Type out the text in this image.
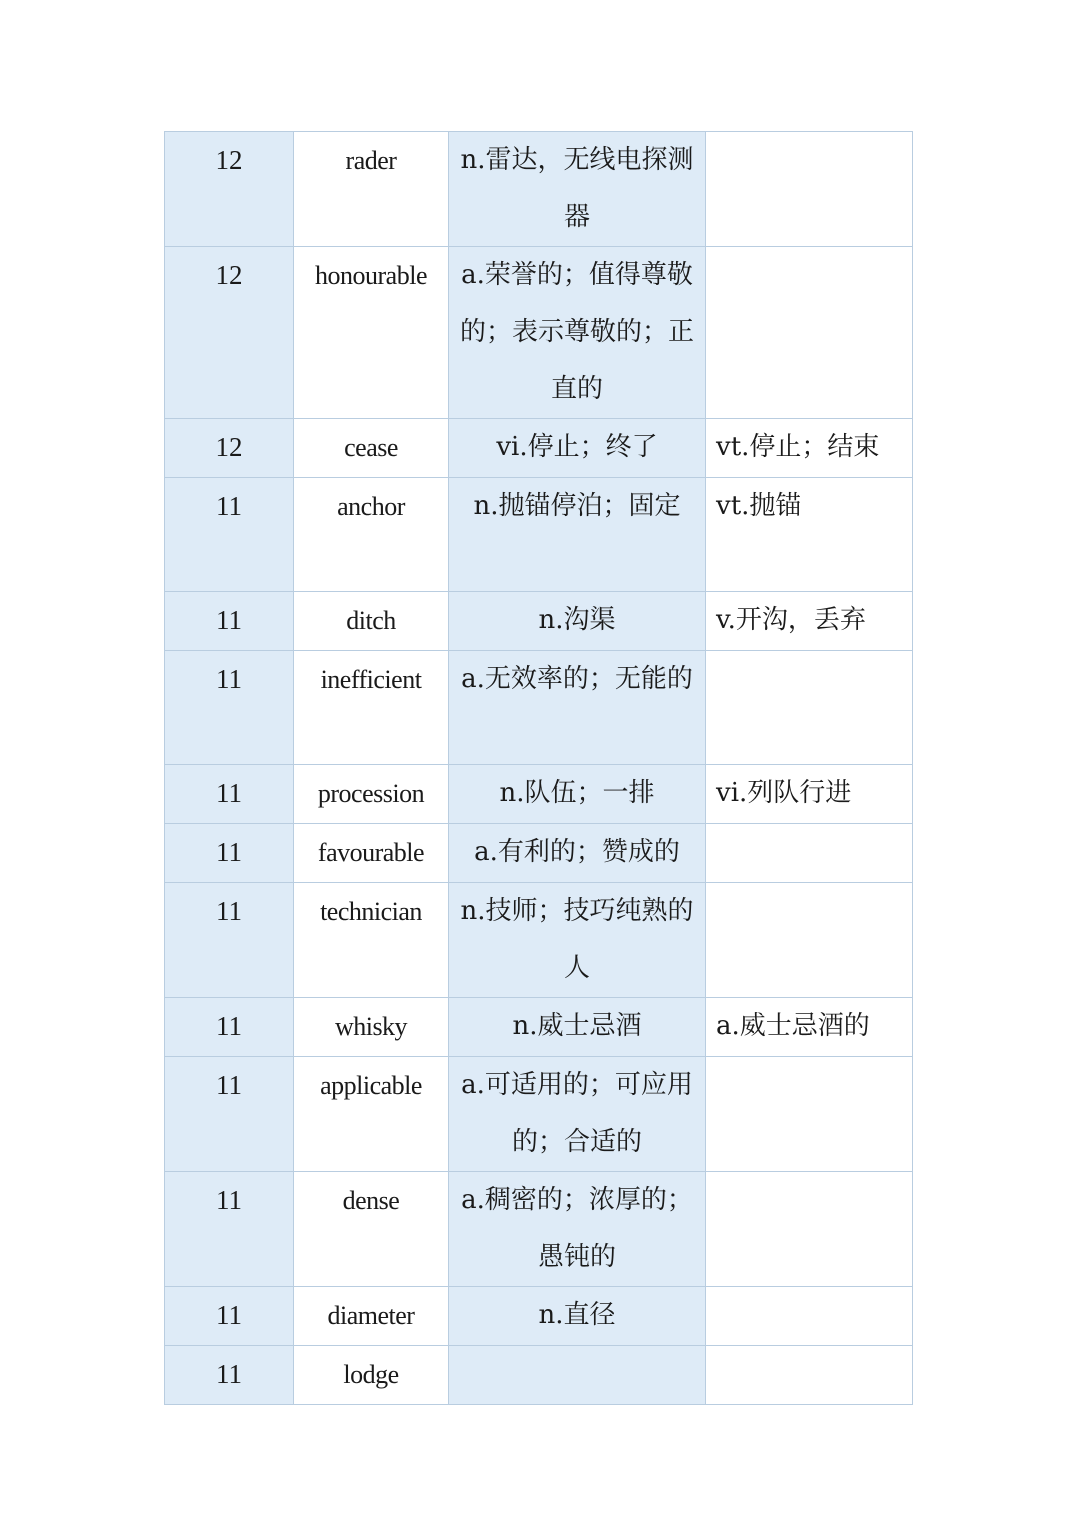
12	rader	n.雷达，无线电探测器	
12	honourable	a.荣誉的；值得尊敬的；表示尊敬的；正直的	
12	cease	vi.停止；终了	vt.停止；结束
11	anchor	n.抛锚停泊；固定	vt.抛锚
11	ditch	n.沟渠	v.开沟，丢弃
11	inefficient	a.无效率的；无能的	
11	procession	n.队伍；一排	vi.列队行进
11	favourable	a.有利的；赞成的	
11	technician	n.技师；技巧纯熟的人	
11	whisky	n.威士忌酒	a.威士忌酒的
11	applicable	a.可适用的；可应用的；合适的	
11	dense	a.稠密的；浓厚的；愚钝的	
11	diameter	n.直径	
11	lodge		
